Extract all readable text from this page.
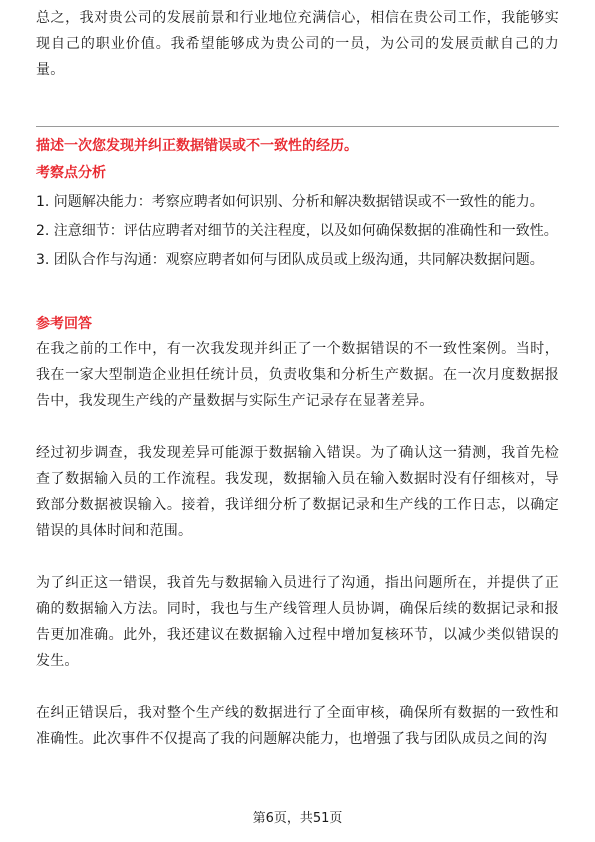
总之，我对贵公司的发展前景和行业地位充满信心，相信在贵公司工作，我能够实现自己的职业价值。我希望能够成为贵公司的一员，为公司的发展贡献自己的力量。

描述一次您发现并纠正数据错误或不一致性的经历。

考察点分析

1. 问题解决能力：考察应聘者如何识别、分析和解决数据错误或不一致性的能力。
2. 注意细节：评估应聘者对细节的关注程度，以及如何确保数据的准确性和一致性。
3. 团队合作与沟通：观察应聘者如何与团队成员或上级沟通，共同解决数据问题。

参考回答

在我之前的工作中，有一次我发现并纠正了一个数据错误的不一致性案例。当时，我在一家大型制造企业担任统计员，负责收集和分析生产数据。在一次月度数据报告中，我发现生产线的产量数据与实际生产记录存在显著差异。

经过初步调查，我发现差异可能源于数据输入错误。为了确认这一猜测，我首先检查了数据输入员的工作流程。我发现，数据输入员在输入数据时没有仔细核对，导致部分数据被误输入。接着，我详细分析了数据记录和生产线的工作日志，以确定错误的具体时间和范围。

为了纠正这一错误，我首先与数据输入员进行了沟通，指出问题所在，并提供了正确的数据输入方法。同时，我也与生产线管理人员协调，确保后续的数据记录和报告更加准确。此外，我还建议在数据输入过程中增加复核环节，以减少类似错误的发生。

在纠正错误后，我对整个生产线的数据进行了全面审核，确保所有数据的一致性和准确性。此次事件不仅提高了我的问题解决能力，也增强了我与团队成员之间的沟

第6页，共51页
